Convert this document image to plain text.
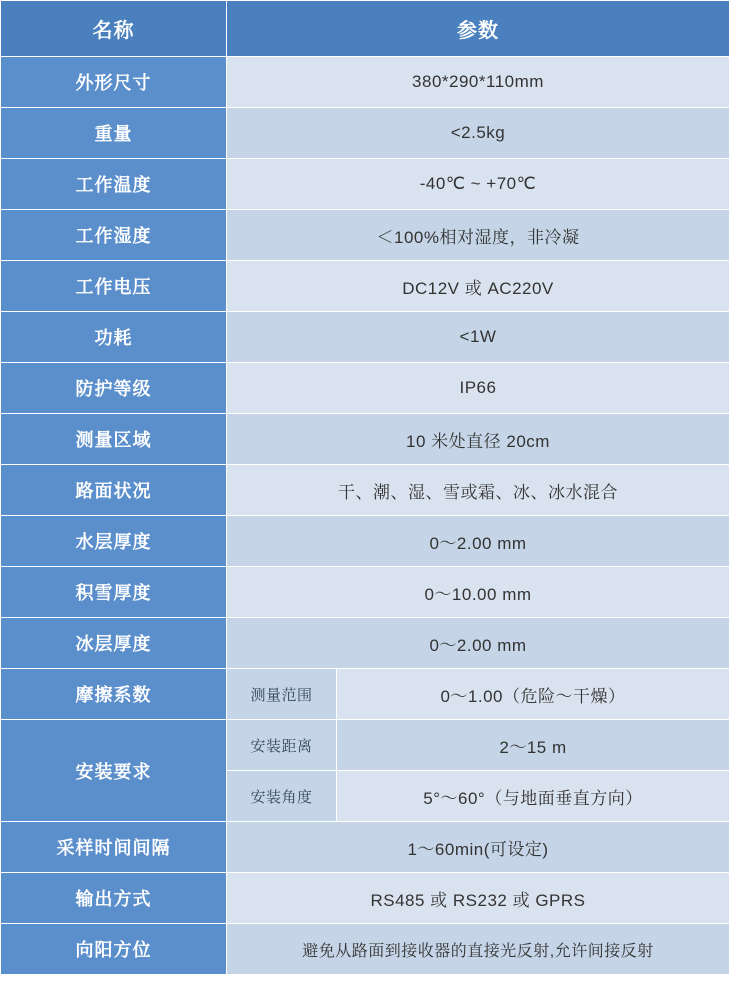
名称	参数	
外形尺寸	380*290*110mm	
重量	<2.5kg	
工作温度	-40℃ ~ +70℃	
工作湿度	＜100%相对湿度，非冷凝	
工作电压	DC12V 或 AC220V	
功耗	<1W	
防护等级	IP66	
测量区域	10 米处直径 20cm	
路面状况	干、潮、湿、雪或霜、冰、冰水混合	
水层厚度	0～2.00 mm	
积雪厚度	0～10.00 mm	
冰层厚度	0～2.00 mm	
摩擦系数	测量范围	0～1.00（危险～干燥）
安装要求	安装距离	2～15 m
	安装角度	5°～60°（与地面垂直方向）
采样时间间隔	1～60min(可设定)	
输出方式	RS485 或 RS232 或 GPRS	
向阳方位	避免从路面到接收器的直接光反射,允许间接反射	
